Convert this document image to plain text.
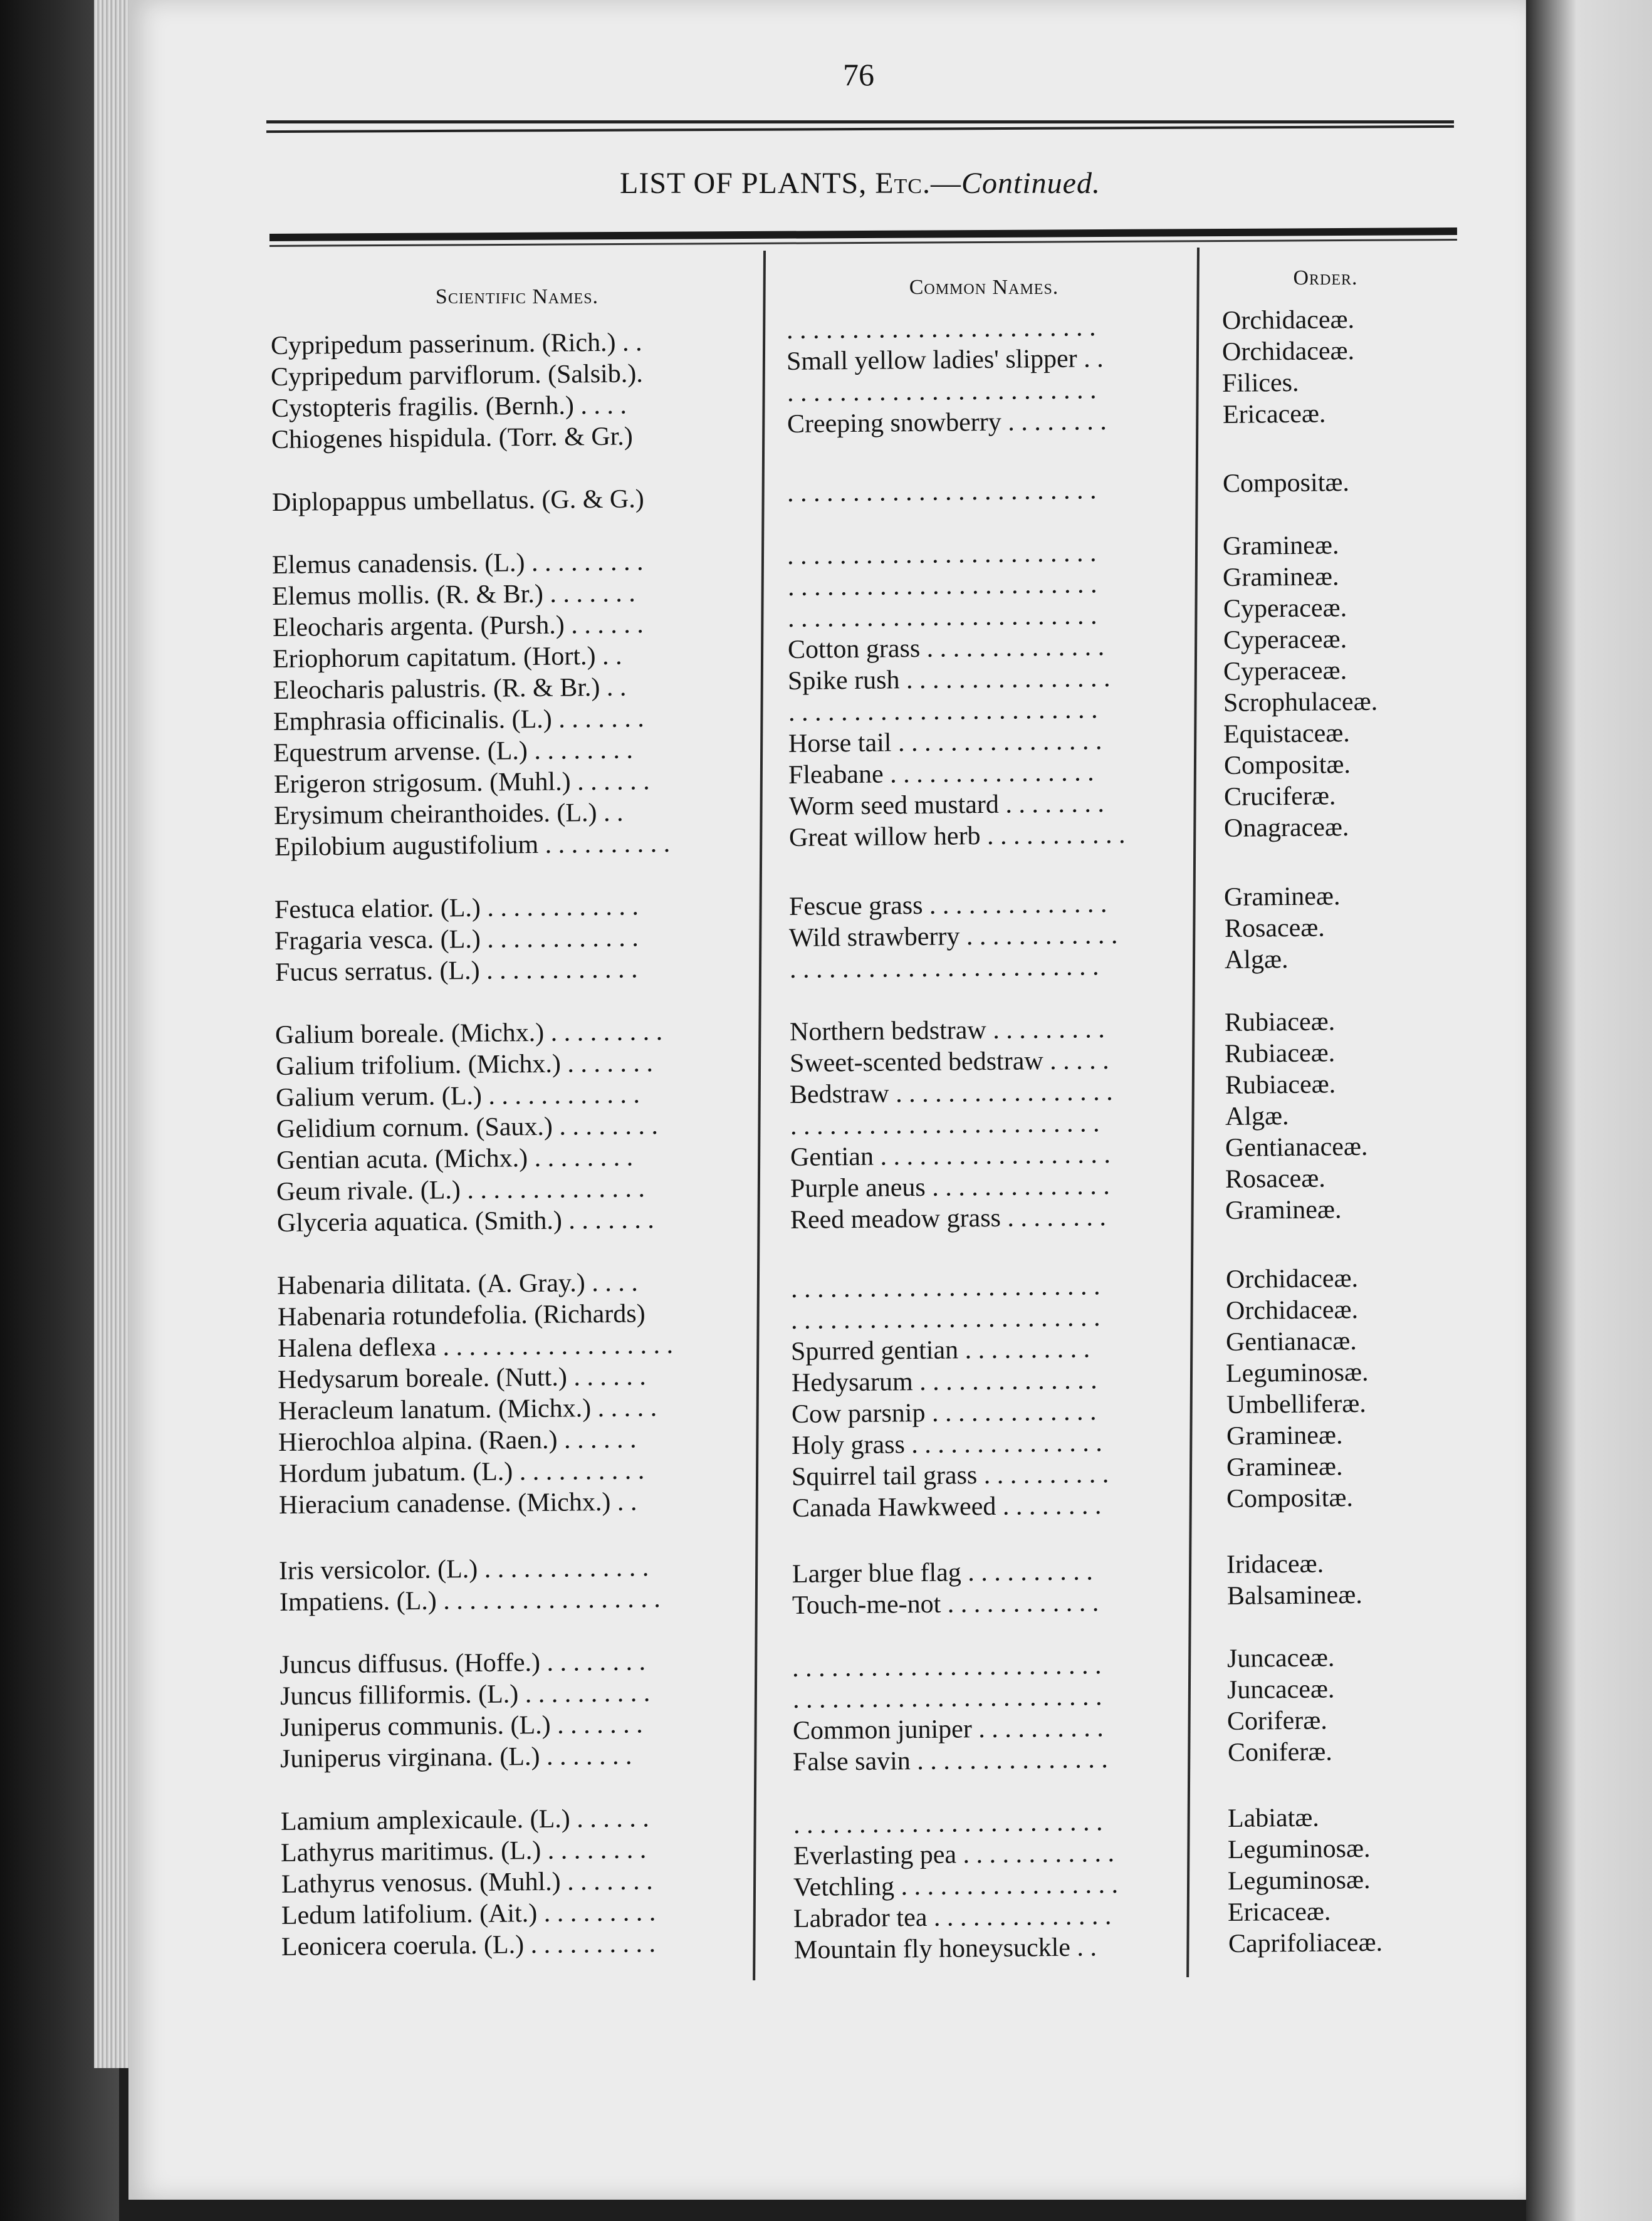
76
LIST OF PLANTS, Etc.—Continued.
Scientific Names.	Common Names.	Order.
Cypripedum passerinum. (Rich.) . .	. . . . . . . . . . . . . . . . . . . . . . . .	Orchidaceæ.
Cypripedum parviflorum. (Salsib.).	Small yellow ladies' slipper . .	Orchidaceæ.
Cystopteris fragilis. (Bernh.) . . . .	. . . . . . . . . . . . . . . . . . . . . . . .	Filices.
Chiogenes hispidula. (Torr. & Gr.)	Creeping snowberry . . . . . . . .	Ericaceæ.
Diplopappus umbellatus. (G. & G.)	. . . . . . . . . . . . . . . . . . . . . . . .	Compositæ.
Elemus canadensis. (L.) . . . . . . . . .	. . . . . . . . . . . . . . . . . . . . . . . .	Gramineæ.
Elemus mollis. (R. & Br.) . . . . . . .	. . . . . . . . . . . . . . . . . . . . . . . .	Gramineæ.
Eleocharis argenta. (Pursh.) . . . . . .	. . . . . . . . . . . . . . . . . . . . . . . .	Cyperaceæ.
Eriophorum capitatum. (Hort.) . .	Cotton grass . . . . . . . . . . . . . .	Cyperaceæ.
Eleocharis palustris. (R. & Br.) . .	Spike rush . . . . . . . . . . . . . . . .	Cyperaceæ.
Emphrasia officinalis. (L.) . . . . . . .	. . . . . . . . . . . . . . . . . . . . . . . .	Scrophulaceæ.
Equestrum arvense. (L.) . . . . . . . .	Horse tail . . . . . . . . . . . . . . . .	Equistaceæ.
Erigeron strigosum. (Muhl.) . . . . . .	Fleabane . . . . . . . . . . . . . . . .	Compositæ.
Erysimum cheiranthoides. (L.) . .	Worm seed mustard . . . . . . . .	Cruciferæ.
Epilobium augustifolium . . . . . . . . . .	Great willow herb . . . . . . . . . . .	Onagraceæ.
Festuca elatior. (L.) . . . . . . . . . . . .	Fescue grass . . . . . . . . . . . . . .	Gramineæ.
Fragaria vesca. (L.) . . . . . . . . . . . .	Wild strawberry . . . . . . . . . . . .	Rosaceæ.
Fucus serratus. (L.) . . . . . . . . . . . .	. . . . . . . . . . . . . . . . . . . . . . . .	Algæ.
Galium boreale. (Michx.) . . . . . . . . .	Northern bedstraw . . . . . . . . .	Rubiaceæ.
Galium trifolium. (Michx.) . . . . . . .	Sweet-scented bedstraw . . . . .	Rubiaceæ.
Galium verum. (L.) . . . . . . . . . . . .	Bedstraw . . . . . . . . . . . . . . . . .	Rubiaceæ.
Gelidium cornum. (Saux.) . . . . . . . .	. . . . . . . . . . . . . . . . . . . . . . . .	Algæ.
Gentian acuta. (Michx.) . . . . . . . .	Gentian . . . . . . . . . . . . . . . . . .	Gentianaceæ.
Geum rivale. (L.) . . . . . . . . . . . . . .	Purple aneus . . . . . . . . . . . . . .	Rosaceæ.
Glyceria aquatica. (Smith.) . . . . . . .	Reed meadow grass . . . . . . . .	Gramineæ.
Habenaria dilitata. (A. Gray.) . . . .	. . . . . . . . . . . . . . . . . . . . . . . .	Orchidaceæ.
Habenaria rotundefolia. (Richards)	. . . . . . . . . . . . . . . . . . . . . . . .	Orchidaceæ.
Halena deflexa . . . . . . . . . . . . . . . . . .	Spurred gentian . . . . . . . . . .	Gentianacæ.
Hedysarum boreale. (Nutt.) . . . . . .	Hedysarum . . . . . . . . . . . . . .	Leguminosæ.
Heracleum lanatum. (Michx.) . . . . .	Cow parsnip . . . . . . . . . . . . .	Umbelliferæ.
Hierochloa alpina. (Raen.) . . . . . .	Holy grass . . . . . . . . . . . . . . .	Gramineæ.
Hordum jubatum. (L.) . . . . . . . . . .	Squirrel tail grass . . . . . . . . . .	Gramineæ.
Hieracium canadense. (Michx.) . .	Canada Hawkweed . . . . . . . .	Compositæ.
Iris versicolor. (L.) . . . . . . . . . . . . .	Larger blue flag . . . . . . . . . .	Iridaceæ.
Impatiens. (L.) . . . . . . . . . . . . . . . . .	Touch-me-not . . . . . . . . . . . .	Balsamineæ.
Juncus diffusus. (Hoffe.) . . . . . . . .	. . . . . . . . . . . . . . . . . . . . . . . .	Juncaceæ.
Juncus filliformis. (L.) . . . . . . . . . .	. . . . . . . . . . . . . . . . . . . . . . . .	Juncaceæ.
Juniperus communis. (L.) . . . . . . .	Common juniper . . . . . . . . . .	Coriferæ.
Juniperus virginana. (L.) . . . . . . .	False savin . . . . . . . . . . . . . . .	Coniferæ.
Lamium amplexicaule. (L.) . . . . . .	. . . . . . . . . . . . . . . . . . . . . . . .	Labiatæ.
Lathyrus maritimus. (L.) . . . . . . . .	Everlasting pea . . . . . . . . . . . .	Leguminosæ.
Lathyrus venosus. (Muhl.) . . . . . . .	Vetchling . . . . . . . . . . . . . . . . .	Leguminosæ.
Ledum latifolium. (Ait.) . . . . . . . . .	Labrador tea . . . . . . . . . . . . . .	Ericaceæ.
Leonicera coerula. (L.) . . . . . . . . . .	Mountain fly honeysuckle . .	Caprifoliaceæ.
